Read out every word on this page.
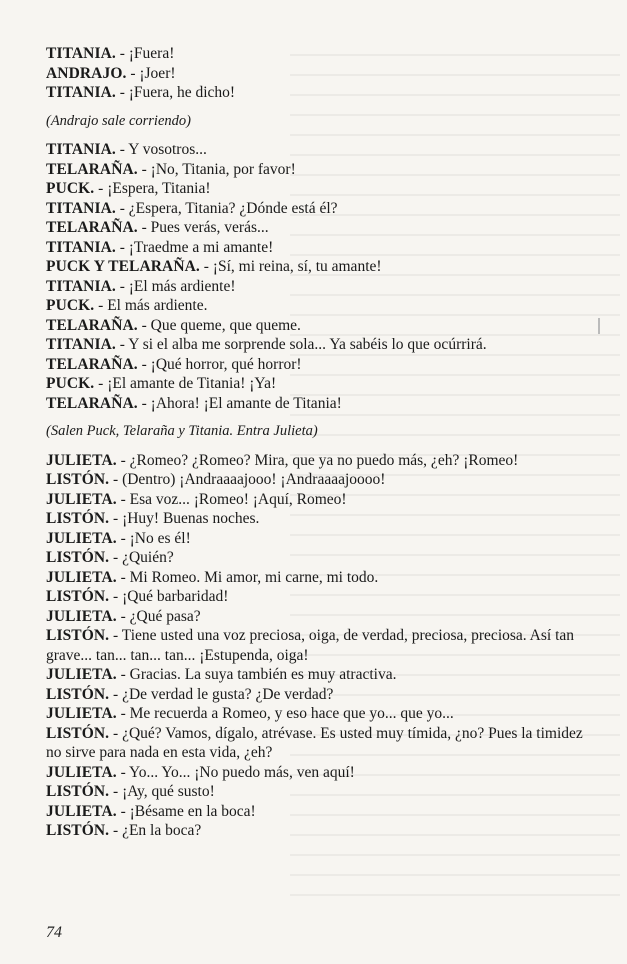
TITANIA. - ¡Fuera!

ANDRAJO. - ¡Joer!

TITANIA. - ¡Fuera, he dicho!

(Andrajo sale corriendo)

TITANIA. - Y vosotros...

TELARAÑA. - ¡No, Titania, por favor!

PUCK. - ¡Espera, Titania!

TITANIA. - ¿Espera, Titania? ¿Dónde está él?

TELARAÑA. - Pues verás, verás...

TITANIA. - ¡Traedme a mi amante!

PUCK Y TELARAÑA. - ¡Sí, mi reina, sí, tu amante!

TITANIA. - ¡El más ardiente!

PUCK. - El más ardiente.

TELARAÑA. - Que queme, que queme.

TITANIA. - Y si el alba me sorprende sola... Ya sabéis lo que ocúrrirá.

TELARAÑA. - ¡Qué horror, qué horror!

PUCK. - ¡El amante de Titania! ¡Ya!

TELARAÑA. - ¡Ahora! ¡El amante de Titania!

(Salen Puck, Telaraña y Titania. Entra Julieta)

JULIETA. - ¿Romeo? ¿Romeo? Mira, que ya no puedo más, ¿eh? ¡Romeo!

LISTÓN. - (Dentro) ¡Andraaaajooo! ¡Andraaaajoooo!

JULIETA. - Esa voz... ¡Romeo! ¡Aquí, Romeo!

LISTÓN. - ¡Huy! Buenas noches.

JULIETA. - ¡No es él!

LISTÓN. - ¿Quién?

JULIETA. - Mi Romeo. Mi amor, mi carne, mi todo.

LISTÓN. - ¡Qué barbaridad!

JULIETA. - ¿Qué pasa?

LISTÓN. - Tiene usted una voz preciosa, oiga, de verdad, preciosa, preciosa. Así tan grave... tan... tan... tan... ¡Estupenda, oiga!

JULIETA. - Gracias. La suya también es muy atractiva.

LISTÓN. - ¿De verdad le gusta? ¿De verdad?

JULIETA. - Me recuerda a Romeo, y eso hace que yo... que yo...

LISTÓN. - ¿Qué? Vamos, dígalo, atrévase. Es usted muy tímida, ¿no? Pues la timidez no sirve para nada en esta vida, ¿eh?

JULIETA. - Yo... Yo... ¡No puedo más, ven aquí!

LISTÓN. - ¡Ay, qué susto!

JULIETA. - ¡Bésame en la boca!

LISTÓN. - ¿En la boca?

74
